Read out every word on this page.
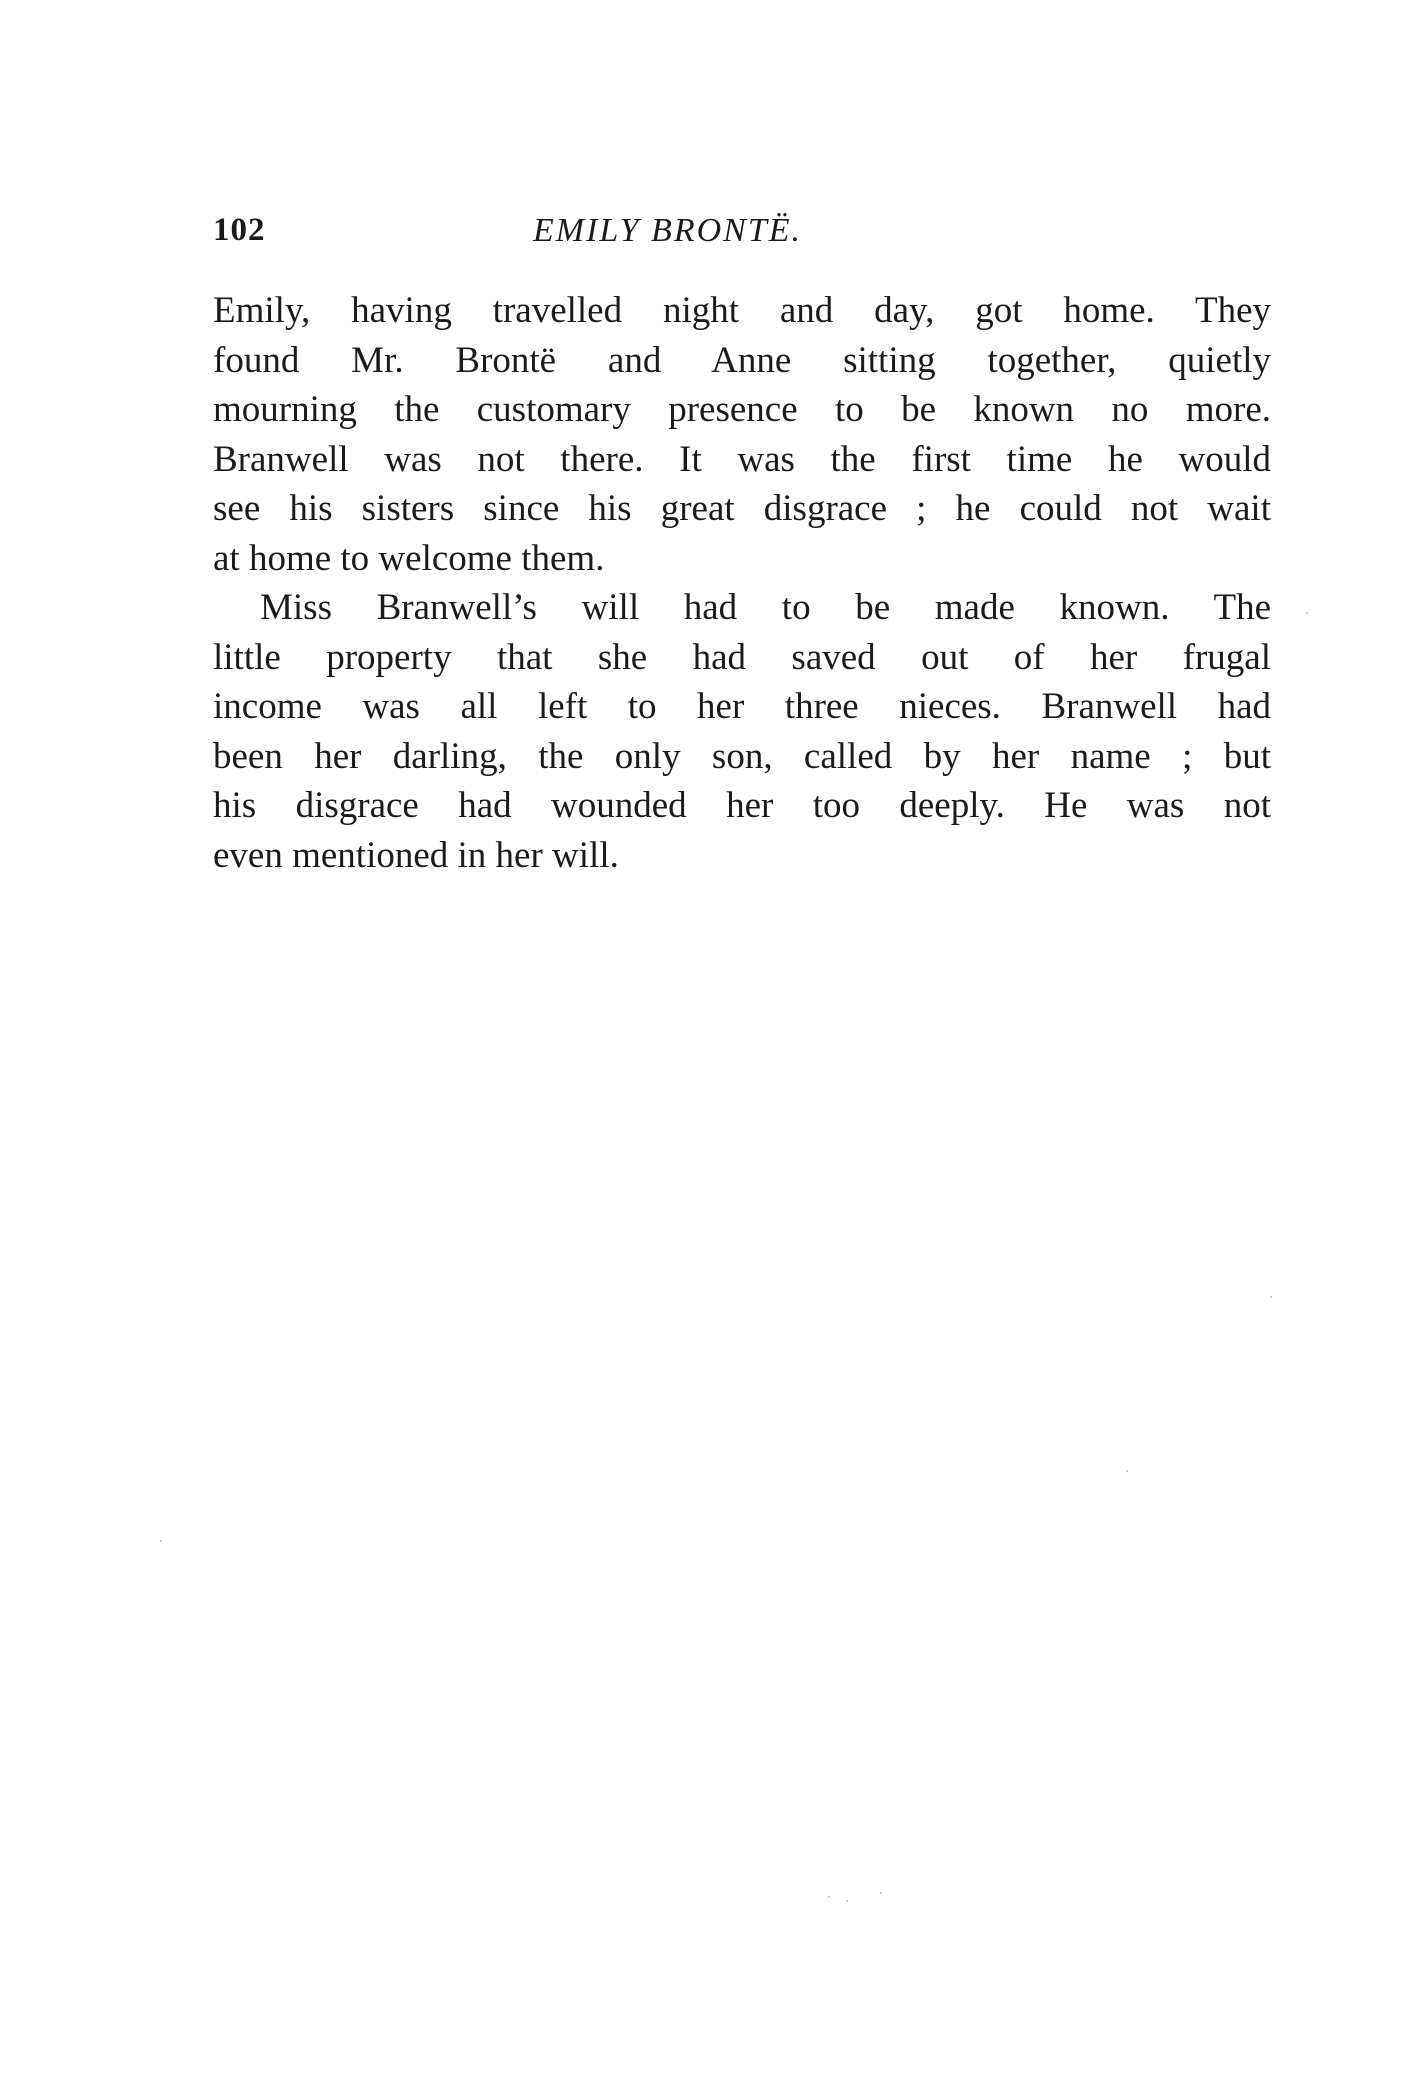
102	EMILY BRONTË.
Emily, having travelled night and day, got home. They
found Mr. Brontë and Anne sitting together, quietly
mourning the customary presence to be known no more.
Branwell was not there. It was the first time he would
see his sisters since his great disgrace ; he could not wait
at home to welcome them.
Miss Branwell’s will had to be made known. The
little property that she had saved out of her frugal
income was all left to her three nieces. Branwell had
been her darling, the only son, called by her name ; but
his disgrace had wounded her too deeply. He was not
even mentioned in her will.
